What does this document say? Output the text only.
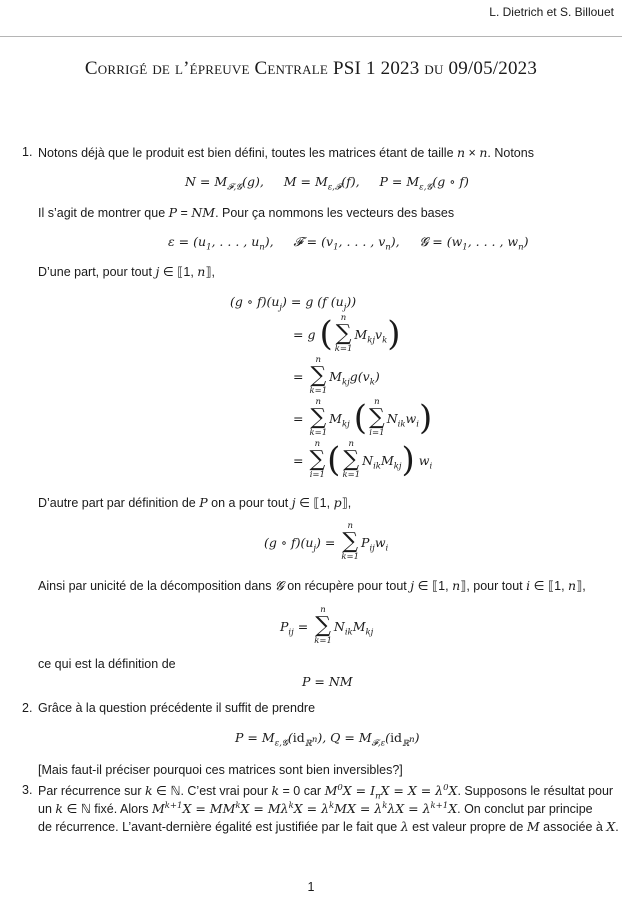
L. Dietrich et S. Billouet
Corrigé de l’épreuve Centrale PSI 1 2023 du 09/05/2023
1. Notons déjà que le produit est bien défini, toutes les matrices étant de taille n × n. Notons
$N = M_{𝓕,𝓖}(g)$,     $M = M_{\varepsilon,𝓕}(f)$,     $P = M_{\varepsilon,𝓖}(g$ ∘ f)
Il s’agit de montrer que P = NM. Pour ça nommons les vecteurs des bases
$\varepsilon = (u_1$, . . . , $u_n$),     𝓕 = ($v_1$, . . . , $v_n$),     𝓖 = ($w_1$, . . . , $w_n$)
D’une part, pour tout j ∈ ⟦1, n⟧,
(g ∘ $f)(u_j) = g$ (f $(u_j)$)
= g ( n
∑
k=1
$M_{kj}v_k$ )
=
n
∑
k=1
$M_{kj}g(v_k)$
=
n
∑
k=1
$M_{kj}$ ( n
∑
i=1
$N_{ik}w_i$ )
=
n
∑
i=1 ( n
∑
k=1
$N_{ik}M_{kj}$ ) $w_i$
D’autre part par définition de P on a pour tout j ∈ ⟦1, p⟧,
(g ∘ $f)(u_j)$ =
n
∑
k=1
$P_{ij}w_i$
Ainsi par unicité de la décomposition dans 𝓖 on récupère pour tout j ∈ ⟦1, n⟧, pour tout i ∈ ⟦1, n⟧,
$P_{ij}$ =
n
∑
k=1
$N_{ik}M_{kj}$
ce qui est la définition de
P = NM
2. Grâce à la question précédente il suffit de prendre
$P = M_{\varepsilon,𝓖}(id_{ℝ^n})$, $Q = M_{𝓕,\varepsilon}(id_{ℝ^n})$
[Mais faut-il préciser pourquoi ces matrices sont bien inversibles?]
3. Par récurrence sur k ∈ ℕ. C’est vrai pour k = 0 car $M^0X = I_nX = X = \lambda^0X$. Supposons le résultat pour
un k ∈ ℕ fixé. Alors $M^{k+1}X = MM^kX = M\lambda^kX = \lambda^kMX = \lambda^k\lambda X = \lambda^{k+1}X$. On conclut par principe
de récurrence. L’avant-dernière égalité est justifiée par le fait que λ est valeur propre de M associée à X.
1
